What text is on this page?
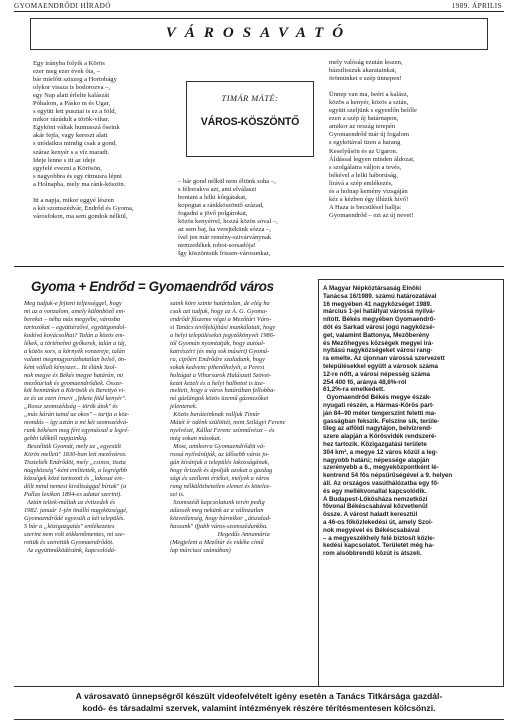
GYOMAENDRŐDI HÍRADÓ	1989. ÁPRILIS
VÁROSAVATÓ
Egy irányba folyik a Körös
ezer meg ezer évek óta, –
bár mielőtt sziszeg a Hortobágy
olykor vissza is bodorozva –,
egy Nap alatt érlelte kalászát
Póhalom, a Pásko m és Ugar,
s együtt lett pusztai is ez a föld,
mikor rázúdult a török-vihar.
Egykönt váltak humusszá őseink
akár fejfa, vagy kereszt alatt
s utódaikra mindig csak a gond,
száraz kenyér s a víz maradt.
Ideje lenne s itt az ideje
egyfelé evezni a Körösön,
s nagyobbra és egy ritmusra lépni
a Holnapba, mely ma ránk-köszön.

Itt a napja, mikor eggyé lészen
a két szomszédvár, Endrőd és Gyoma,
városfokon, ma sem gondok nélkül,
TIMÁR MÁTÉ:
VÁROS-KÖSZÖNTŐ
– bár gond nélkül nem éltünk soha –,
s félrerakva azt, ami elválaszt
bontani a lelki kőrgátakat,
kopogtat a ránkköszöntő század,
fogadni a jövő polgárokat,
közös kenyérrel, hozzá közös sóval –,
az sem baj, ha verejtékünk sózza –,
ível jen már remény-szivárványnak
nemzedékek robot-sorsadója!
Így köszöntsük frissen-városunkat,
mely valóság ezután leszen,
bázsilisszuk akaratainkat,
örömünket e szép ünnepen!

Ünnep van ma, beért a kalász,
közös a kenyér, közös a sztán,
együtt szeljünk s egyenlőn belőle
ezen a szép új határnapon,
amikor az ország terepén
Gyomaendrőd már új fogalom
s egykötával üzen a harang
Keselyűsön és az Ugaron.
Áldással legyen minden áldozat,
s szolgálatra váljon a tevés,
békével a lelki háborúság,
lírává a szép emlékezés,
és a holnap kemény vizsgáján
kéz a kézben égy illúzik hívő!
A Haza is becsülésel hallja:
Gyomaendrőd – ezt az új nevet!
Gyoma + Endrőd = Gyomaendrőd város
Meg tudjuk-e fejteni teljességgel, hogy
mi az a vonzalom, amely különböző em-
bereket – néha más megyébe, városba
tartozókat – együttérzővé, együttgondol-
kodóvá kovácsolhat? Talán a közös em-
lékek, a történelmi győkerek, talán a táj,
a közös sors, a környék vonzereje, talán
valami megmagyarázhatatlan belső, ön-
ként vállalt kényszer... Itt élünk Szol-
nok megye és Békés megye határán, mi
mezőtúriak és gyomaendrődiek. Össze-
köt bennünket a Körösök és Berettyó vi-
ze és az ezen írnevi „fekete föld kenyér".
„Rossz szomszédság – török átok" és
„más kárán tanul az okos" – tartja a köz-
mondás – így aztán a mi két szomszédvá-
runk békésen meg fért egymással a legré-
gebbi időktől napjainkig.
Beszéltük Gyomát, mely az „egyesült
Körös mellett" 1830-ban lett mezőváros.
Tisztelték Endrődöt, mely „csinos, tiszta
nagyközség"-ként emlitették, a legrégibb
községek közé tartozott és „lakosai ere-
dőlt mind nemesi kiváltsággal bírtak" (a
Pallas lexikon 1894-es adatai szerint).
Aztán teltek-múltak az évtizedek és
1982. január 1-jén önálló nagyközséggé,
Gyomaendrődé egyesült a két település.
S bár a „közigazgatás" emlékezetes
szerint nem volt zökkenőmentes, mi sze-
rettük és szerettük Gyomaendrődöt.
Az együttműködésünk, kapcsolódá-
saink köre szinte határtalan, de elég ha
csak azt tudjuk, hogy az Á. G. Gyoma-
endrődi fűszeme végzi a Mezőtúri Váro-
si Tanács tevőfelújítási munkálatait, hogy
a helyi településeket jegyzőkönyvét 1986-
tól Gyomán nyomtatják, hogy autóal-
katrészért (és még sok másért) Gyomá-
ra, cipőért Endrődre szaladunk, hogy
sokak kedvenc pihenőhelyét, a Peresi
holtágat a Viharsarok Halászati Szövet-
kezet kezeli és a helyi halbotot is üze-
melteti, hogy a város határában fellobba-
nó gázlángok közös üzemű gázmezőket
jelentenek.
Közös baráteinknak valljuk Tímár
Mátét ír odénk szülöttét, mint Szilágyi Ferenc
nyelvészt, Kállai Ferenc színművészt – és
még sokan másokat.
Most, amikorra Gyomaendrődöt vá-
rossá nyilvánítják, az idősebb város jo-
gán kívánjuk a település lakosságának,
hogy őrizzék és ápolják azokat a gazdag
sági és szellemi értéket, melyek a város
rang nélkülözhetetlen elemei és kötelez-
sei is.
Szomszédi kapcsolatunk terén pedig
adassék meg nekünk az a változatlan
közvetlenség, hogy bármikor „átszalad-
hassunk" ifjabb város-szomszédunkba.
Hegedűs Annamária
(Megjelent a Mezőtúr és vidéke című
lap márciusi számában)
A Magyar Népköztársaság Elnöki
Tanácsa 16/1989. számú határozatával
16 megyében 41 nagyközséget 1989.
március 1-jei hatállyal várossá nyilvá-
nított. Békés megyében Gyomaendrő-
döt és Sarkad városi jogú nagyközsé-
get, valamint Battonya, Mezőberény
és Mezőhegyes községek megyei irá-
nyítású nagyközségeket városi rang-
ra emelte. Az újonnan várossá szervezett
településekkel együtt a városok száma
12-re nőtt, a városi népesség száma
254 400 fő, aránya 48,6%-ról
61,2%-ra emelkedett.
Gyomaendrőd Békés megye észak-
nyugati részén, a Hármas-Körös part-
ján 84–90 méter tengerszint feletti ma-
gasságban fekszik. Felszíne sík, terüle-
tileg az alföldi nagytájon, belvízrend-
szere alapján a Körösvidék rendszeré-
hez tartozik. Közigazgatási területe
304 km², a megye 12 város közül a leg-
nagyobb határú; népessége alapján
szerényebb a 6., megyeközpontként lé-
kentrend 54 fős népsűrűségével a 9. helyen
áll. Az országos vasúthálózatba egy fő-
és egy mellékvonallal kapcsolódik.
A Budapest-Lőkösháza nemzetközi
fővonal Békéscsabával közvetlenül
össze. A várost haladt keresztül
a 46-os főközlekedési út, amely Szol-
nok megyével és Békéscsabával
– a megyeszékhely felé biztosít közle-
kedési kapcsolatot. Területét még ha-
rom alsóbbrendű közút is átszeli.
A városavató ünnepségről készült videofelvételt igény esetén a Tanács Titkársága gazdál-
kodó- és társadalmi szervek, valamint intézmények részére térítésmentesen kölcsönzi.
